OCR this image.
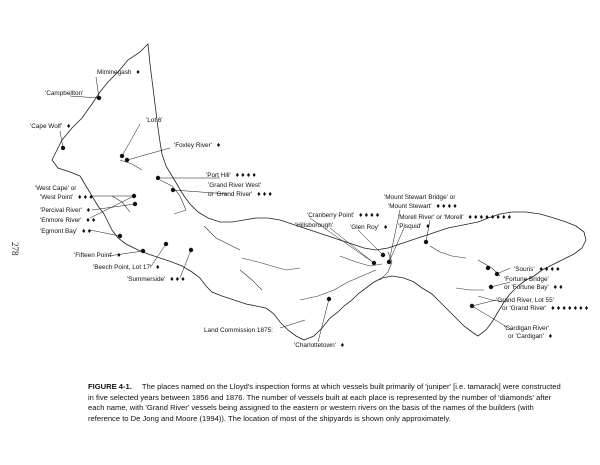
278
Miminegash ♦
'Campbellton'
'Cape Wolf' ♦
'Lot 6'
'Foxley River' ♦
'Port Hill' ♦♦♦♦
'Grand River West'
or 'Grand River' ♦♦♦
'West Cape' or
'West Point' ♦♦♦
'Percival River' ♦
'Enmore River' ♦♦
'Egmont Bay' ♦♦
'Fifteen Point' ♦
'Beech Point, Lot 17' ♦
'Summerside' ♦♦♦
'Cranberry Point' ♦♦♦♦
'Hillsborough'	'Glen Roy' ♦
'Mount Stewart Bridge' or
'Mount Stewart' ♦♦♦♦
'Morell River' or 'Morell' ♦♦♦♦♦♦♦♦
'Pisquid' ♦
'Souris' ♦♦♦♦
'Fortune Bridge'
or 'Fortune Bay' ♦♦
'Grand River, Lot 55'
or 'Grand River' ♦♦♦♦♦♦♦
'Cardigan River'
or 'Cardigan' ♦
'Charlottetown' ♦
Land Commission 1875:
FIGURE 4-1. The places named on the Lloyd's inspection forms at which vessels built primarily of 'juniper' [i.e. tamarack] were constructed in five selected years between 1856 and 1876. The number of vessels built at each place is represented by the number of 'diamonds' after each name, with 'Grand River' vessels being assigned to the eastern or western rivers on the basis of the names of the builders (with reference to De Jong and Moore (1994)). The location of most of the shipyards is shown only approximately.
